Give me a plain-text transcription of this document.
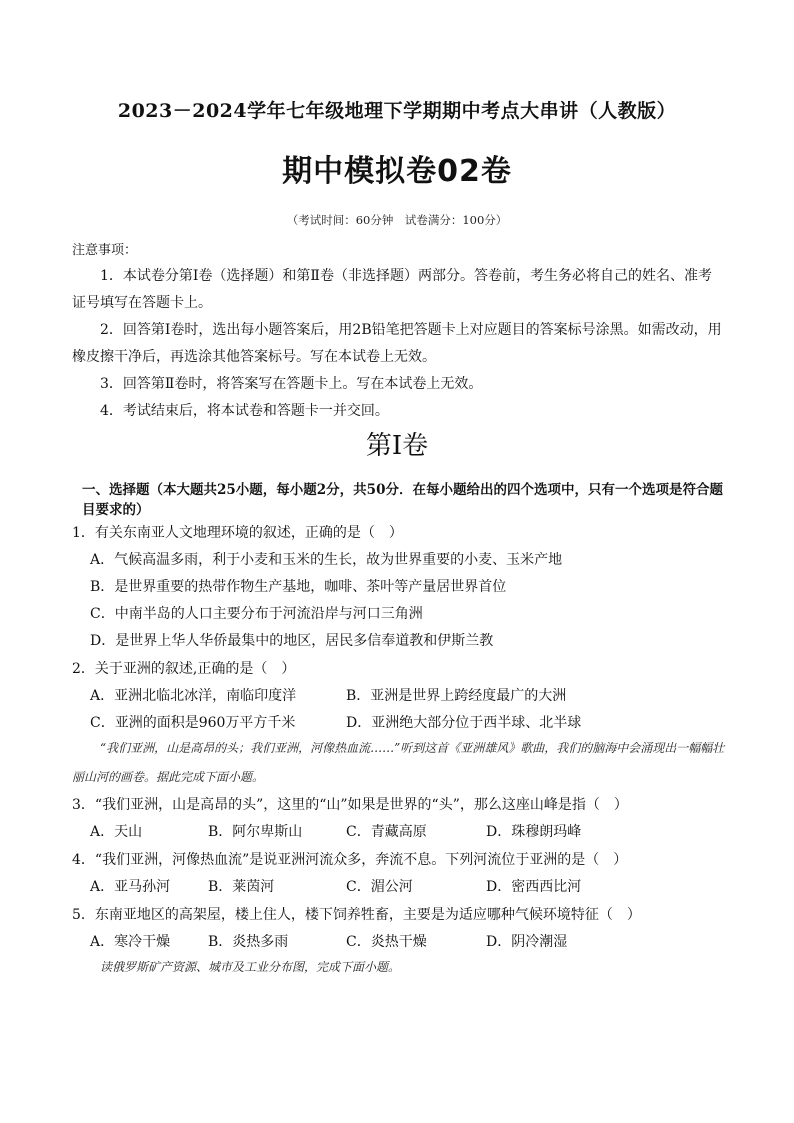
2023－2024学年七年级地理下学期期中考点大串讲（人教版）
期中模拟卷02卷
（考试时间：60分钟　试卷满分：100分）
注意事项：
1．本试卷分第Ⅰ卷（选择题）和第Ⅱ卷（非选择题）两部分。答卷前，考生务必将自己的姓名、准考证号填写在答题卡上。
2．回答第Ⅰ卷时，选出每小题答案后，用2B铅笔把答题卡上对应题目的答案标号涂黑。如需改动，用橡皮擦干净后，再选涂其他答案标号。写在本试卷上无效。
3．回答第Ⅱ卷时，将答案写在答题卡上。写在本试卷上无效。
4．考试结束后，将本试卷和答题卡一并交回。
第Ⅰ卷
一、选择题（本大题共25小题，每小题2分，共50分．在每小题给出的四个选项中，只有一个选项是符合题目要求的）
1．有关东南亚人文地理环境的叙述，正确的是（　）
A．气候高温多雨，利于小麦和玉米的生长，故为世界重要的小麦、玉米产地
B．是世界重要的热带作物生产基地，咖啡、茶叶等产量居世界首位
C．中南半岛的人口主要分布于河流沿岸与河口三角洲
D．是世界上华人华侨最集中的地区，居民多信奉道教和伊斯兰教
2．关于亚洲的叙述,正确的是（　）
A．亚洲北临北冰洋，南临印度洋	B．亚洲是世界上跨经度最广的大洲
C．亚洲的面积是960万平方千米	D．亚洲绝大部分位于西半球、北半球
“我们亚洲，山是高昂的头；我们亚洲，河像热血流……”听到这首《亚洲雄风》歌曲，我们的脑海中会涌现出一幅幅壮丽山河的画卷。据此完成下面小题。
3．“我们亚洲，山是高昂的头”，这里的“山”如果是世界的“头”，那么这座山峰是指（　）
A．天山	B．阿尔卑斯山	C．青藏高原	D．珠穆朗玛峰
4．“我们亚洲，河像热血流”是说亚洲河流众多，奔流不息。下列河流位于亚洲的是（　）
A．亚马孙河	B．莱茵河	C．湄公河	D．密西西比河
5．东南亚地区的高架屋，楼上住人，楼下饲养牲畜，主要是为适应哪种气候环境特征（　）
A．寒冷干燥	B．炎热多雨	C．炎热干燥	D．阴冷潮湿
读俄罗斯矿产资源、城市及工业分布图，完成下面小题。
